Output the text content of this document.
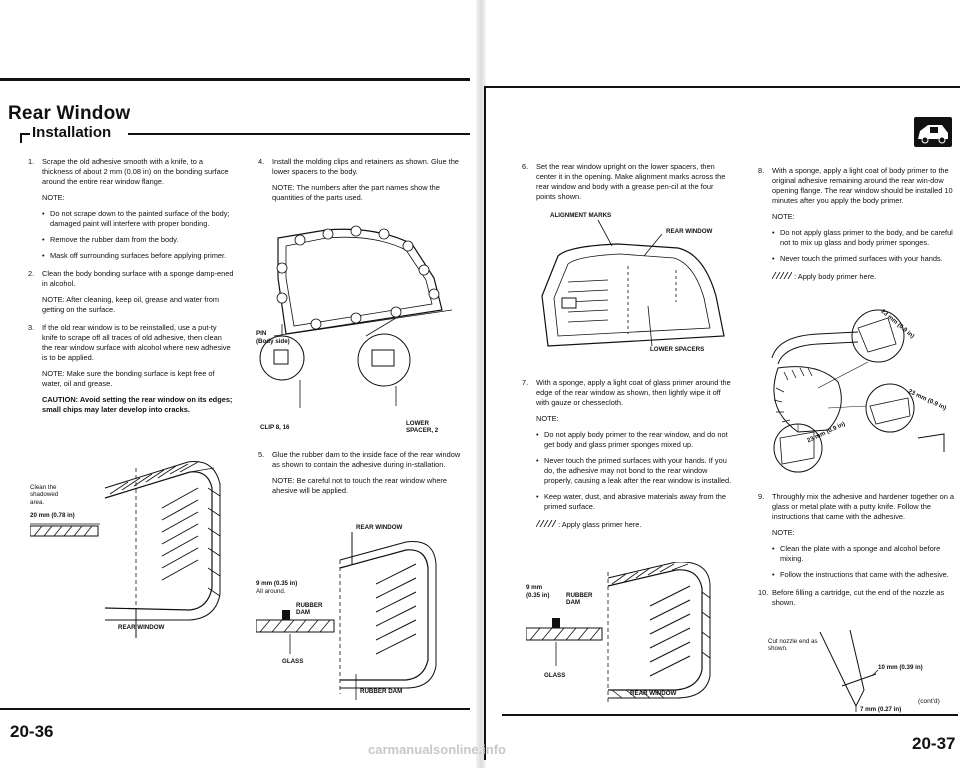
Rear Window
Installation
1. Scrape the old adhesive smooth with a knife, to a thickness of about 2 mm (0.08 in) on the bonding surface around the entire rear window flange.

NOTE:

• Do not scrape down to the painted surface of the body; damaged paint will interfere with proper bonding.

• Remove the rubber dam from the body.

• Mask off surrounding surfaces before applying primer.

2. Clean the body bonding surface with a sponge damp-ened in alcohol.

NOTE: After cleaning, keep oil, grease and water from getting on the surface.

3. If the old rear window is to be reinstalled, use a put-ty knife to scrape off all traces of old adhesive, then clean the rear window surface with alcohol where new adhesive is to be applied.

NOTE: Make sure the bonding surface is kept free of water, oil and grease.

CAUTION: Avoid setting the rear window on its edges; small chips may later develop into cracks.

Clean the shadowed area.
20 mm (0.78 in)
REAR WINDOW
4. Install the molding clips and retainers as shown. Glue the lower spacers to the body.

NOTE: The numbers after the part names show the quantities of the parts used.

PIN
(Body side)
CLIP 8, 16
LOWER SPACER, 2
5. Glue the rubber dam to the inside face of the rear window as shown to contain the adhesive during in-stallation.

NOTE: Be careful not to touch the rear window where ahesive will be applied.

REAR WINDOW
9 mm (0.35 in)
All around.
RUBBER DAM
GLASS
RUBBER DAM
20-36
6. Set the rear window upright on the lower spacers, then center it in the opening. Make alignment marks across the rear window and body with a grease pen-cil at the four points shown.

ALIGNMENT MARKS
REAR WINDOW
LOWER SPACERS
7. With a sponge, apply a light coat of glass primer around the edge of the rear window as shown, then lightly wipe it off with gauze or chessecloth.

NOTE:

• Do not apply body primer to the rear window, and do not get body and glass primer sponges mixed up.

• Never touch the primed surfaces with your hands. If you do, the adhesive may not bond to the rear window properly, causing a leak after the rear window is installed.

• Keep water, dust, and abrasive materials away from the primed surface.

: Apply glass primer here.

9 mm
(0.35 in)	RUBBER DAM
GLASS
REAR WINDOW
8. With a sponge, apply a light coat of body primer to the original adhesive remaining around the rear win-dow opening flange. The rear window should be installed 10 minutes after you apply the body primer.

NOTE:

• Do not apply glass primer to the body, and be careful not to mix up glass and body primer sponges.

• Never touch the primed surfaces with your hands.

: Apply body primer here.

23 mm (0.9 in)
23 mm (0.9 in)
23 mm (0.9 in)
9. Throughly mix the adhesive and hardener together on a glass or metal plate with a putty knife. Follow the instructions that came with the adhesive.

NOTE:

• Clean the plate with a sponge and alcohol before mixing.

• Follow the instructions that came with the adhesive.

10. Before filling a cartridge, cut the end of the nozzle as shown.

Cut nozzle end as shown.
10 mm (0.39 in)
7 mm (0.27 in)
(cont'd)
20-37
carmanualsonline.info
